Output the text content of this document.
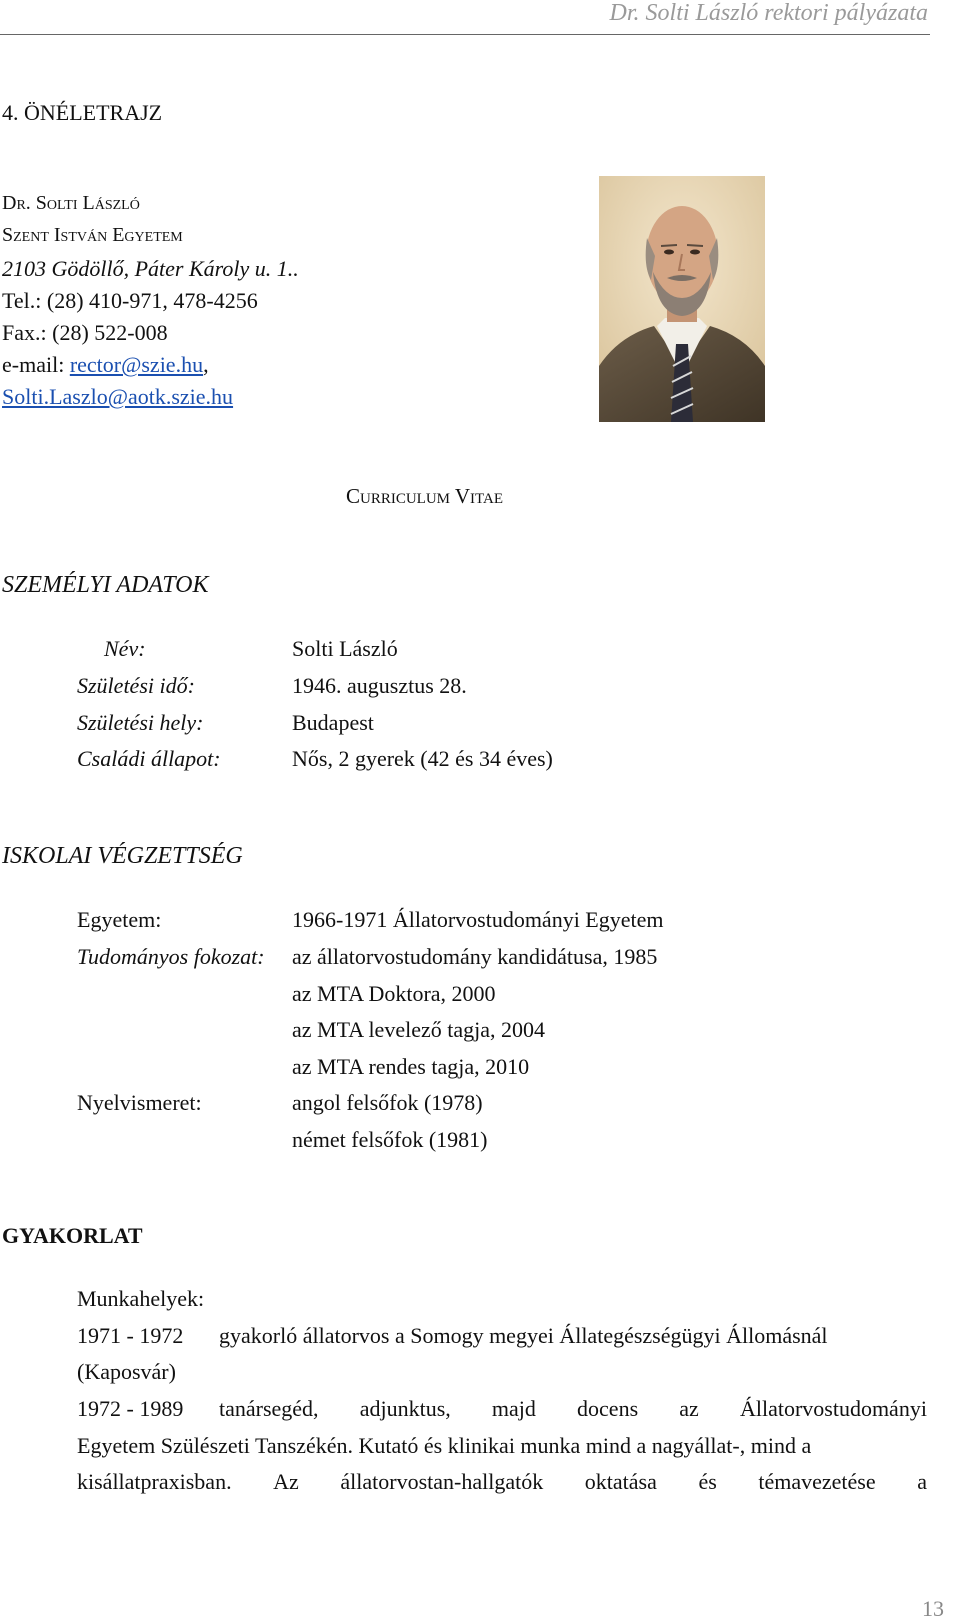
Dr. Solti László rektori pályázata
4. ÖNÉLETRAJZ
Dr. Solti László
Szent István Egyetem
2103 Gödöllő, Páter Károly u. 1..
Tel.: (28) 410-971, 478-4256
Fax.: (28) 522-008
e-mail: rector@szie.hu,
Solti.Laszlo@aotk.szie.hu
Curriculum Vitae
SZEMÉLYI ADATOK
Név:	Solti László
Születési idő:	1946. augusztus 28.
Születési hely:	Budapest
Családi állapot:	Nős, 2 gyerek (42 és 34 éves)
ISKOLAI VÉGZETTSÉG
Egyetem:	1966-1971 Állatorvostudományi Egyetem
Tudományos fokozat: az állatorvostudomány kandidátusa, 1985
az MTA Doktora, 2000
az MTA levelező tagja, 2004
az MTA rendes tagja, 2010
Nyelvismeret:	angol felsőfok (1978)
német felsőfok (1981)
GYAKORLAT
Munkahelyek:
1971 - 1972 gyakorló állatorvos a Somogy megyei Állategészségügyi Állomásnál
(Kaposvár)
1972 - 1989 tanársegéd, adjunktus, majd docens az Állatorvostudományi
Egyetem Szülészeti Tanszékén. Kutató és klinikai munka mind a nagyállat-, mind a
kisállatpraxisban. Az állatorvostan-hallgatók oktatása és témavezetése a
13
